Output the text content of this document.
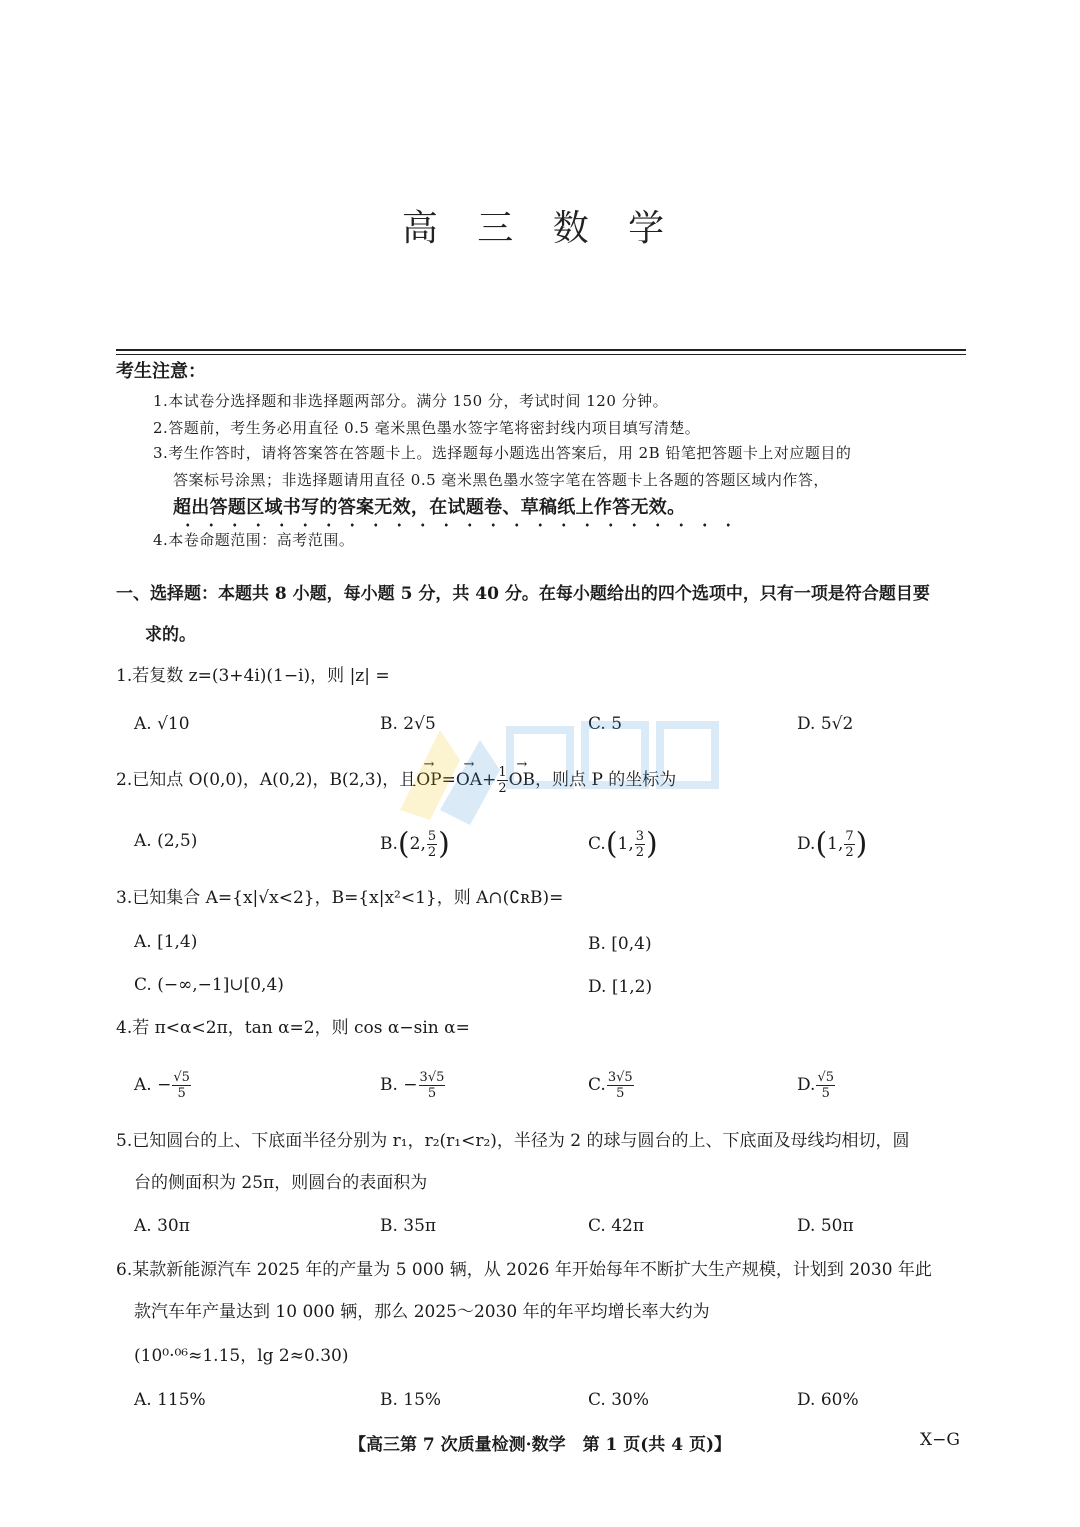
高 三 数 学
考生注意：
1.本试卷分选择题和非选择题两部分。满分 150 分，考试时间 120 分钟。
2.答题前，考生务必用直径 0.5 毫米黑色墨水签字笔将密封线内项目填写清楚。
3.考生作答时，请将答案答在答题卡上。选择题每小题选出答案后，用 2B 铅笔把答题卡上对应题目的
答案标号涂黑；非选择题请用直径 0.5 毫米黑色墨水签字笔在答题卡上各题的答题区域内作答，
超出答题区域书写的答案无效，在试题卷、草稿纸上作答无效。
4.本卷命题范围：高考范围。
一、选择题：本题共 8 小题，每小题 5 分，共 40 分。在每小题给出的四个选项中，只有一项是符合题目要
求的。
1.若复数 z=(3+4i)(1−i)，则 |z| =
A. √10	B. 2√5	C. 5	D. 5√2
2.已知点 O(0,0)，A(0,2)，B(2,3)，且→ $OP=\to OA+ \frac{1}{2}$
→ OB，则点 P 的坐标为
A. (2,5)	B.(2, $\frac{5}{2}$ )	C.(1, $\frac{3}{2}$ )	D.(1, $\frac{7}{2}$ )
3.已知集合 A={x|√x<2}，B={x|x²<1}，则 A∩(∁ʀB)=
A. [1,4)	B. [0,4)
C. (−∞,−1]∪[0,4)	D. [1,2)
4.若 π<α<2π，tan α=2，则 cos α−sin α=
A. − $\frac{√5}{5}$	B. − $\frac{3√5}{5}$	C. $\frac{3√5}{5}$	D. $\frac{√5}{5}$
5.已知圆台的上、下底面半径分别为 r₁，r₂(r₁<r₂)，半径为 2 的球与圆台的上、下底面及母线均相切，圆
台的侧面积为 25π，则圆台的表面积为
A. 30π	B. 35π	C. 42π	D. 50π
6.某款新能源汽车 2025 年的产量为 5 000 辆，从 2026 年开始每年不断扩大生产规模，计划到 2030 年此
款汽车年产量达到 10 000 辆，那么 2025～2030 年的年平均增长率大约为
(10⁰·⁰⁶≈1.15，lg 2≈0.30)
A. 115%	B. 15%	C. 30%	D. 60%
【高三第 7 次质量检测·数学　第 1 页(共 4 页)】	X−G
